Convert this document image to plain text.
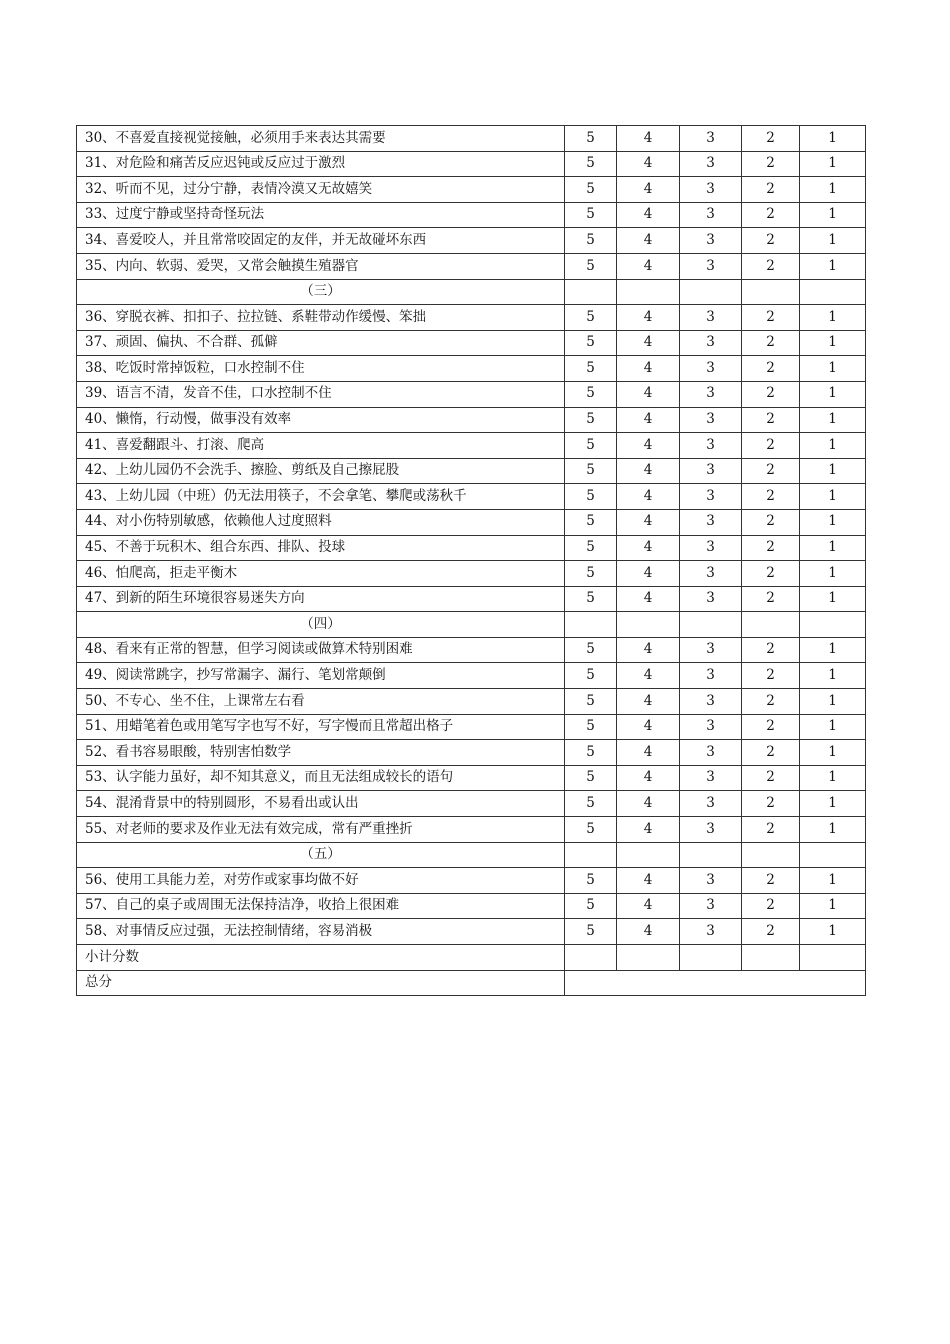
30、不喜爱直接视觉接触，必须用手来表达其需要	5	4	3	2	1
31、对危险和痛苦反应迟钝或反应过于激烈	5	4	3	2	1
32、听而不见，过分宁静，表情冷漠又无故嬉笑	5	4	3	2	1
33、过度宁静或坚持奇怪玩法	5	4	3	2	1
34、喜爱咬人，并且常常咬固定的友伴，并无故碰坏东西	5	4	3	2	1
35、内向、软弱、爱哭，又常会触摸生殖器官	5	4	3	2	1
（三）					
36、穿脱衣裤、扣扣子、拉拉链、系鞋带动作缓慢、笨拙	5	4	3	2	1
37、顽固、偏执、不合群、孤僻	5	4	3	2	1
38、吃饭时常掉饭粒，口水控制不住	5	4	3	2	1
39、语言不清，发音不佳，口水控制不住	5	4	3	2	1
40、懒惰，行动慢，做事没有效率	5	4	3	2	1
41、喜爱翻跟斗、打滚、爬高	5	4	3	2	1
42、上幼儿园仍不会洗手、擦脸、剪纸及自己擦屁股	5	4	3	2	1
43、上幼儿园（中班）仍无法用筷子，不会拿笔、攀爬或荡秋千	5	4	3	2	1
44、对小伤特别敏感，依赖他人过度照料	5	4	3	2	1
45、不善于玩积木、组合东西、排队、投球	5	4	3	2	1
46、怕爬高，拒走平衡木	5	4	3	2	1
47、到新的陌生环境很容易迷失方向	5	4	3	2	1
（四）					
48、看来有正常的智慧，但学习阅读或做算术特别困难	5	4	3	2	1
49、阅读常跳字，抄写常漏字、漏行、笔划常颠倒	5	4	3	2	1
50、不专心、坐不住，上课常左右看	5	4	3	2	1
51、用蜡笔着色或用笔写字也写不好，写字慢而且常超出格子	5	4	3	2	1
52、看书容易眼酸，特别害怕数学	5	4	3	2	1
53、认字能力虽好，却不知其意义，而且无法组成较长的语句	5	4	3	2	1
54、混淆背景中的特别圆形，不易看出或认出	5	4	3	2	1
55、对老师的要求及作业无法有效完成，常有严重挫折	5	4	3	2	1
（五）					
56、使用工具能力差，对劳作或家事均做不好	5	4	3	2	1
57、自己的桌子或周围无法保持洁净，收拾上很困难	5	4	3	2	1
58、对事情反应过强，无法控制情绪，容易消极	5	4	3	2	1
小计分数					
总分					
